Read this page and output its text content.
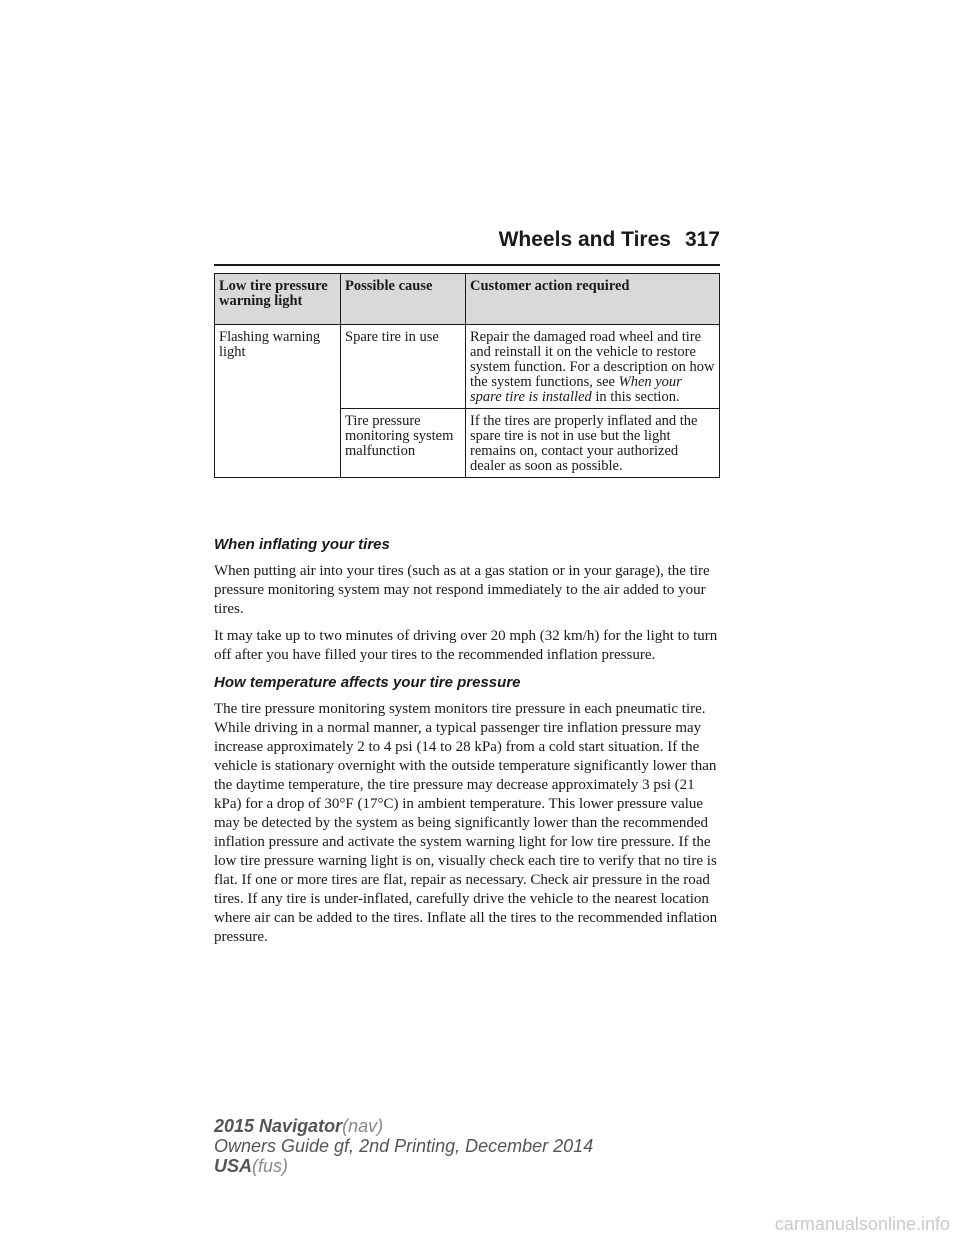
Wheels and Tires 317
Low tire pressure warning light	Possible cause	Customer action required
Flashing warning light	Spare tire in use	Repair the damaged road wheel and tire and reinstall it on the vehicle to restore system function. For a description on how the system functions, see When your spare tire is installed in this section.
	Tire pressure monitoring system malfunction	If the tires are properly inflated and the spare tire is not in use but the light remains on, contact your authorized dealer as soon as possible.
When inflating your tires

When putting air into your tires (such as at a gas station or in your garage), the tire pressure monitoring system may not respond immediately to the air added to your tires.

It may take up to two minutes of driving over 20 mph (32 km/h) for the light to turn off after you have filled your tires to the recommended inflation pressure.

How temperature affects your tire pressure

The tire pressure monitoring system monitors tire pressure in each pneumatic tire. While driving in a normal manner, a typical passenger tire inflation pressure may increase approximately 2 to 4 psi (14 to 28 kPa) from a cold start situation. If the vehicle is stationary overnight with the outside temperature significantly lower than the daytime temperature, the tire pressure may decrease approximately 3 psi (21 kPa) for a drop of 30°F (17°C) in ambient temperature. This lower pressure value may be detected by the system as being significantly lower than the recommended inflation pressure and activate the system warning light for low tire pressure. If the low tire pressure warning light is on, visually check each tire to verify that no tire is flat. If one or more tires are flat, repair as necessary. Check air pressure in the road tires. If any tire is under-inflated, carefully drive the vehicle to the nearest location where air can be added to the tires. Inflate all the tires to the recommended inflation pressure.

2015 Navigator(nav)
Owners Guide gf, 2nd Printing, December 2014
USA(fus)
carmanualsonline.info
